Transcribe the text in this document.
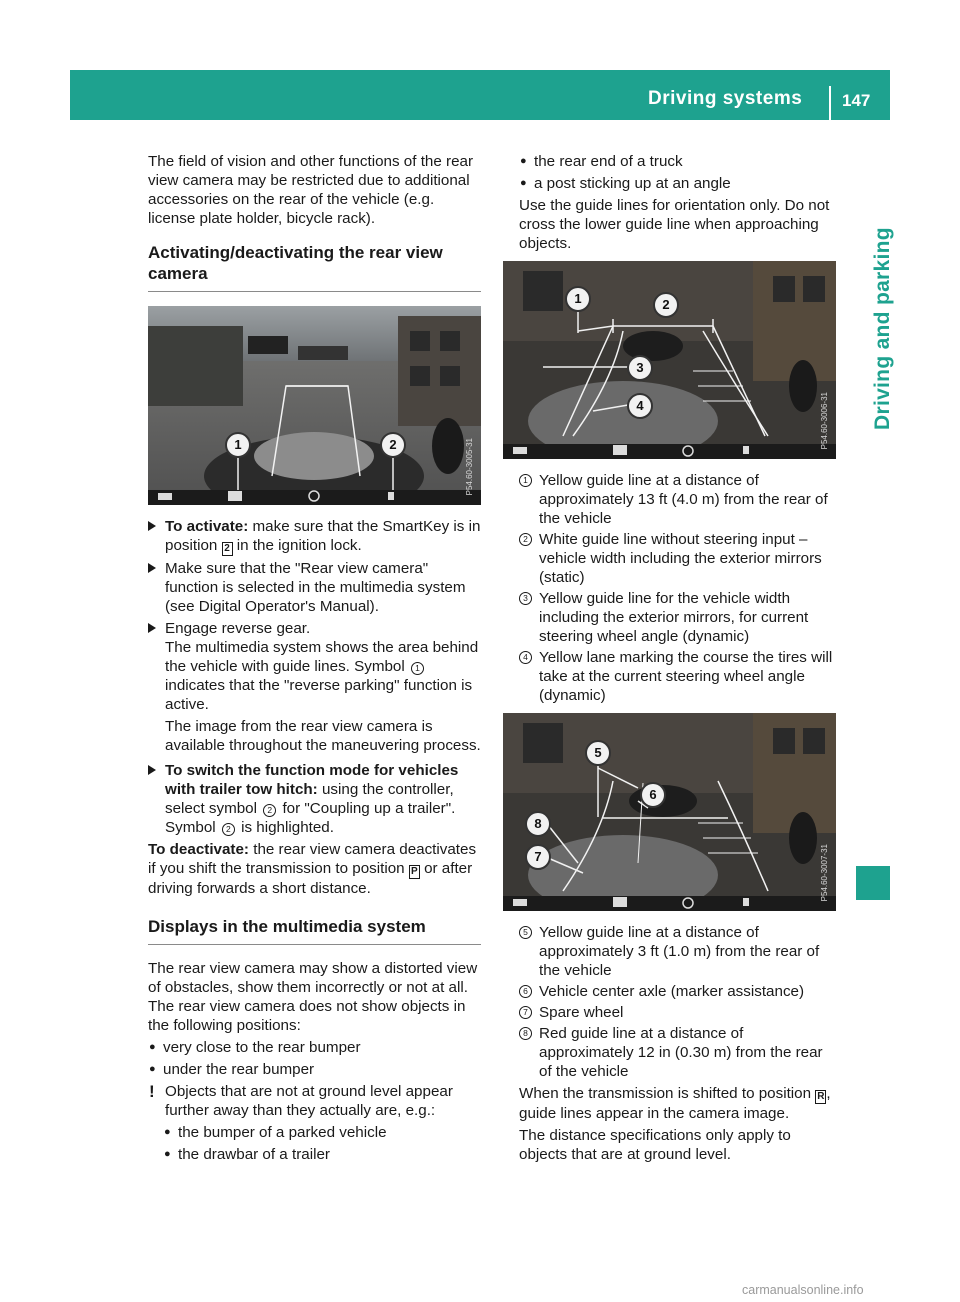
Driving systems	147
Driving and parking

The field of vision and other functions of the rear view camera may be restricted due to additional accessories on the rear of the vehicle (e.g. license plate holder, bicycle rack).

Activating/deactivating the rear view camera
1	2	P54.60-3005-31
To activate: make sure that the SmartKey is in position 2 in the ignition lock.
Make sure that the "Rear view camera" function is selected in the multimedia system (see Digital Operator's Manual).
Engage reverse gear.
The multimedia system shows the area behind the vehicle with guide lines. Symbol 1 indicates that the "reverse parking" function is active.
The image from the rear view camera is available throughout the maneuvering process.
To switch the function mode for vehicles with trailer tow hitch: using the controller, select symbol 2 for "Coupling up a trailer".
Symbol 2 is highlighted.

To deactivate: the rear view camera deactivates if you shift the transmission to position P or after driving forwards a short distance.

Displays in the multimedia system

The rear view camera may show a distorted view of obstacles, show them incorrectly or not at all. The rear view camera does not show objects in the following positions:

● very close to the rear bumper
● under the rear bumper
! Objects that are not at ground level appear further away than they actually are, e.g.:
● the bumper of a parked vehicle
● the drawbar of a trailer
● the rear end of a truck
● a post sticking up at an angle

Use the guide lines for orientation only. Do not cross the lower guide line when approaching objects.

1	2
3
4	P54.60-3006-31
1 Yellow guide line at a distance of approximately 13 ft (4.0 m) from the rear of the vehicle
2 White guide line without steering input – vehicle width including the exterior mirrors (static)
3 Yellow guide line for the vehicle width including the exterior mirrors, for current steering wheel angle (dynamic)
4 Yellow lane marking the course the tires will take at the current steering wheel angle (dynamic)
5
6
8
7	P54.60-3007-31
5 Yellow guide line at a distance of approximately 3 ft (1.0 m) from the rear of the vehicle
6 Vehicle center axle (marker assistance)
7 Spare wheel
8 Red guide line at a distance of approximately 12 in (0.30 m) from the rear of the vehicle

When the transmission is shifted to position R , guide lines appear in the camera image.

The distance specifications only apply to objects that are at ground level.

carmanualsonline.info
